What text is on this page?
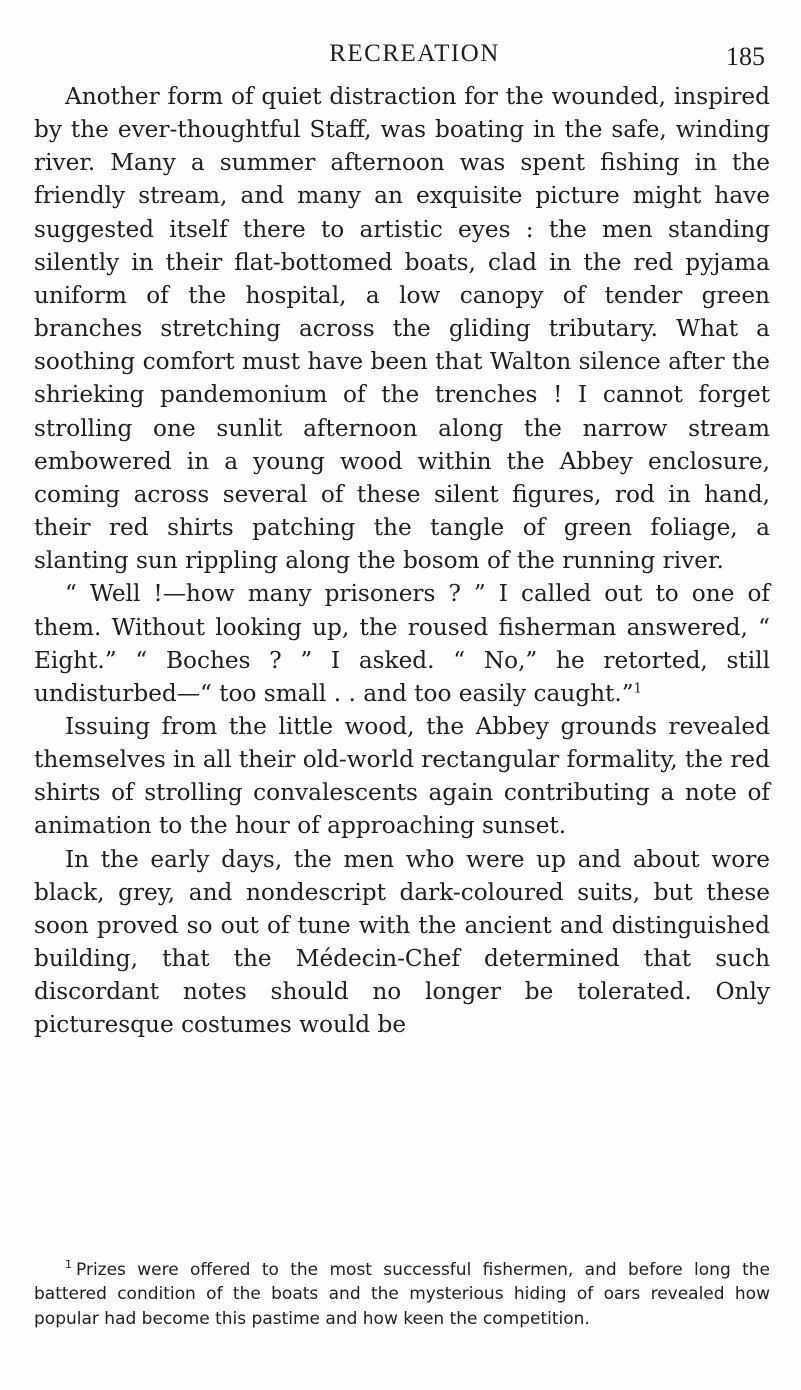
RECREATION	185

Another form of quiet distraction for the wounded, inspired by the ever-thoughtful Staff, was boating in the safe, winding river. Many a summer afternoon was spent fishing in the friendly stream, and many an exquisite picture might have suggested itself there to artistic eyes : the men standing silently in their flat-bottomed boats, clad in the red pyjama uniform of the hospital, a low canopy of tender green branches stretching across the gliding tributary. What a soothing comfort must have been that Walton silence after the shrieking pandemonium of the trenches ! I cannot forget strolling one sunlit afternoon along the narrow stream embowered in a young wood within the Abbey enclosure, coming across several of these silent figures, rod in hand, their red shirts patching the tangle of green foliage, a slanting sun rippling along the bosom of the running river.

“ Well !—how many prisoners ? ” I called out to one of them. Without looking up, the roused fisherman answered, “ Eight.” “ Boches ? ” I asked. “ No,” he retorted, still undisturbed—“ too small . . and too easily caught.”$^1$

Issuing from the little wood, the Abbey grounds revealed themselves in all their old-world rectangular formality, the red shirts of strolling convalescents again contributing a note of animation to the hour of approaching sunset.

In the early days, the men who were up and about wore black, grey, and nondescript dark-coloured suits, but these soon proved so out of tune with the ancient and distinguished building, that the Médecin-Chef determined that such discordant notes should no longer be tolerated. Only picturesque costumes would be

$^1$ Prizes were offered to the most successful fishermen, and before long the battered condition of the boats and the mysterious hiding of oars revealed how popular had become this pastime and how keen the competition.
